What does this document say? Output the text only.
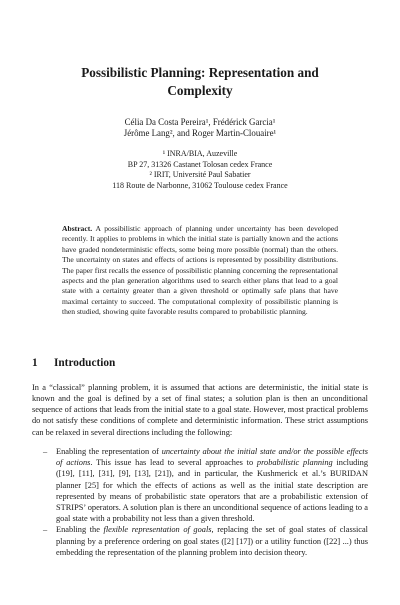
Possibilistic Planning: Representation and
Complexity
Célia Da Costa Pereira¹, Frédérick Garcia¹
Jérôme Lang², and Roger Martin-Clouaire¹
¹ INRA/BIA, Auzeville
BP 27, 31326 Castanet Tolosan cedex France
² IRIT, Université Paul Sabatier
118 Route de Narbonne, 31062 Toulouse cedex France

Abstract. A possibilistic approach of planning under uncertainty has been developed recently. It applies to problems in which the initial state is partially known and the actions have graded nondeterministic effects, some being more possible (normal) than the others. The uncertainty on states and effects of actions is represented by possibility distributions. The paper first recalls the essence of possibilistic planning concerning the representational aspects and the plan generation algorithms used to search either plans that lead to a goal state with a certainty greater than a given threshold or optimally safe plans that have maximal certainty to succeed. The computational complexity of possibilistic planning is then studied, showing quite favorable results compared to probabilistic planning.

1 Introduction

In a “classical” planning problem, it is assumed that actions are deterministic, the initial state is known and the goal is defined by a set of final states; a solution plan is then an unconditional sequence of actions that leads from the initial state to a goal state. However, most practical problems do not satisfy these conditions of complete and deterministic information. These strict assumptions can be relaxed in several directions including the following:

– Enabling the representation of uncertainty about the initial state and/or the possible effects of actions. This issue has lead to several approaches to probabilistic planning including ([19], [11], [31], [9], [13], [21]), and in particular, the Kushmerick et al.’s BURIDAN planner [25] for which the effects of actions as well as the initial state description are represented by means of probabilistic state operators that are a probabilistic extension of STRIPS’ operators. A solution plan is there an unconditional sequence of actions leading to a goal state with a probability not less than a given threshold.
– Enabling the flexible representation of goals, replacing the set of goal states of classical planning by a preference ordering on goal states ([2] [17]) or a utility function ([22] ...) thus embedding the representation of the planning problem into decision theory.
